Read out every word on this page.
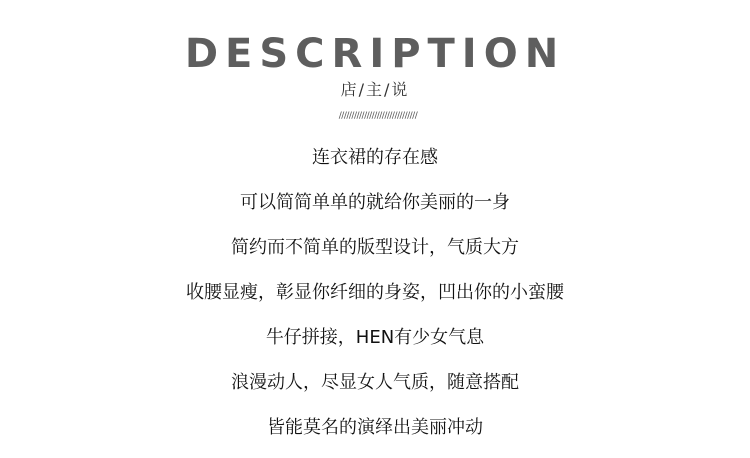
DESCRIPTION
店/主/说
///////////////////////////////
连衣裙的存在感
可以简简单单的就给你美丽的一身
简约而不简单的版型设计，气质大方
收腰显瘦，彰显你纤细的身姿，凹出你的小蛮腰
牛仔拼接，HEN有少女气息
浪漫动人，尽显女人气质，随意搭配
皆能莫名的演绎出美丽冲动
